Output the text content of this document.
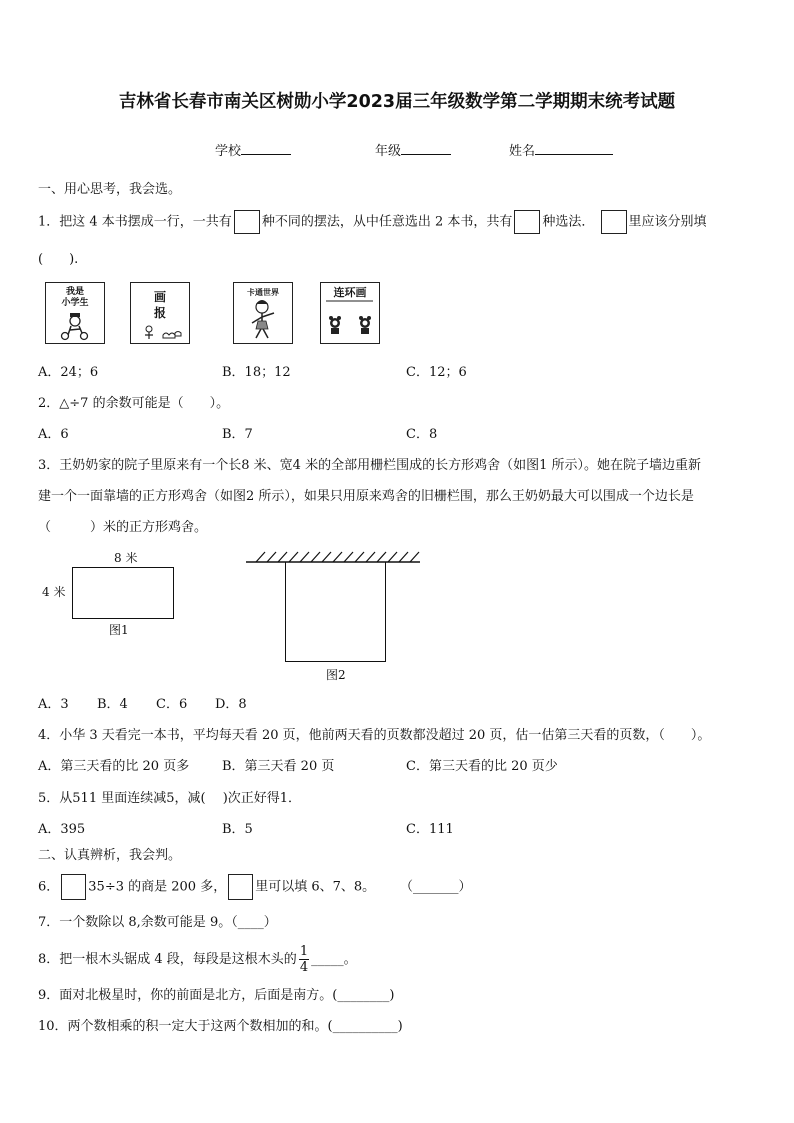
吉林省长春市南关区树勋小学2023届三年级数学第二学期期末统考试题
学校	年级	姓名
一、用心思考，我会选。
1．把这 4 本书摆成一行，一共有 种不同的摆法，从中任意选出 2 本书，共有 种选法．	里应该分别填
(　　).
我是
小学生	画
报
卡通世界	连环画
A．24；6	B．18；12	C．12；6
2．△÷7 的余数可能是（　　）。
A．6	B．7	C．8
3．王奶奶家的院子里原来有一个长8 米、宽4 米的全部用栅栏围成的长方形鸡舍（如图1 所示）。她在院子墙边重新
建一个一面靠墙的正方形鸡舍（如图2 所示），如果只用原来鸡舍的旧栅栏围，那么王奶奶最大可以围成一个边长是
（　　　）米的正方形鸡舍。
8 米
4 米
图1
图2
A．3 B．4 C．6 D．8
4．小华 3 天看完一本书，平均每天看 20 页，他前两天看的页数都没超过 20 页，估一估第三天看的页数，（　　）。
A．第三天看的比 20 页多	B．第三天看 20 页	C．第三天看的比 20 页少
5．从511 里面连续减5，减(　 )次正好得1．
A．395	B．5	C．111
二、认真辨析，我会判。
6． 35÷3 的商是 200 多， 里可以填 6、7、8。 （_______）
7．一个数除以 8,余数可能是 9。（____）
8．把一根木头锯成 4 段，每段是这根木头的 $\frac{1}{4}$ _____。
9．面对北极星时，你的前面是北方，后面是南方。(________)
10．两个数相乘的积一定大于这两个数相加的和。(__________)
